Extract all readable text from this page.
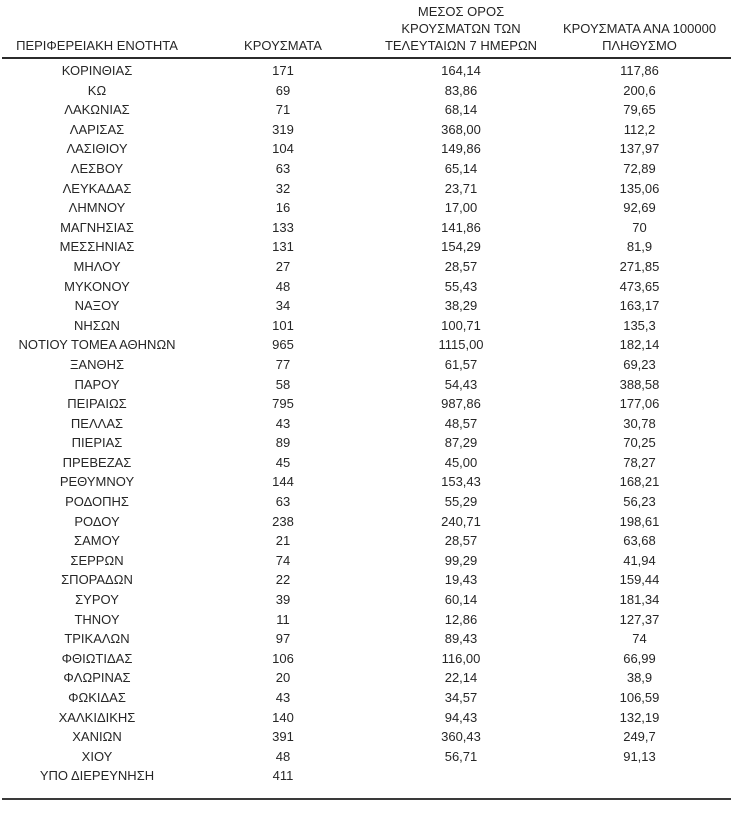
ΠΕΡΙΦΕΡΕΙΑΚΗ ΕΝΟΤΗΤΑ	ΚΡΟΥΣΜΑΤΑ	ΜΕΣΟΣ ΟΡΟΣ
ΚΡΟΥΣΜΑΤΩΝ ΤΩΝ
ΤΕΛΕΥΤΑΙΩΝ 7 ΗΜΕΡΩΝ	ΚΡΟΥΣΜΑΤΑ ΑΝΑ 100000
ΠΛΗΘΥΣΜΟ
ΚΟΡΙΝΘΙΑΣ	171	164,14	117,86
ΚΩ	69	83,86	200,6
ΛΑΚΩΝΙΑΣ	71	68,14	79,65
ΛΑΡΙΣΑΣ	319	368,00	112,2
ΛΑΣΙΘΙΟΥ	104	149,86	137,97
ΛΕΣΒΟΥ	63	65,14	72,89
ΛΕΥΚΑΔΑΣ	32	23,71	135,06
ΛΗΜΝΟΥ	16	17,00	92,69
ΜΑΓΝΗΣΙΑΣ	133	141,86	70
ΜΕΣΣΗΝΙΑΣ	131	154,29	81,9
ΜΗΛΟΥ	27	28,57	271,85
ΜΥΚΟΝΟΥ	48	55,43	473,65
ΝΑΞΟΥ	34	38,29	163,17
ΝΗΣΩΝ	101	100,71	135,3
ΝΟΤΙΟΥ ΤΟΜΕΑ ΑΘΗΝΩΝ	965	1115,00	182,14
ΞΑΝΘΗΣ	77	61,57	69,23
ΠΑΡΟΥ	58	54,43	388,58
ΠΕΙΡΑΙΩΣ	795	987,86	177,06
ΠΕΛΛΑΣ	43	48,57	30,78
ΠΙΕΡΙΑΣ	89	87,29	70,25
ΠΡΕΒΕΖΑΣ	45	45,00	78,27
ΡΕΘΥΜΝΟΥ	144	153,43	168,21
ΡΟΔΟΠΗΣ	63	55,29	56,23
ΡΟΔΟΥ	238	240,71	198,61
ΣΑΜΟΥ	21	28,57	63,68
ΣΕΡΡΩΝ	74	99,29	41,94
ΣΠΟΡΑΔΩΝ	22	19,43	159,44
ΣΥΡΟΥ	39	60,14	181,34
ΤΗΝΟΥ	11	12,86	127,37
ΤΡΙΚΑΛΩΝ	97	89,43	74
ΦΘΙΩΤΙΔΑΣ	106	116,00	66,99
ΦΛΩΡΙΝΑΣ	20	22,14	38,9
ΦΩΚΙΔΑΣ	43	34,57	106,59
ΧΑΛΚΙΔΙΚΗΣ	140	94,43	132,19
ΧΑΝΙΩΝ	391	360,43	249,7
ΧΙΟΥ	48	56,71	91,13
ΥΠΟ ΔΙΕΡΕΥΝΗΣΗ	411		
